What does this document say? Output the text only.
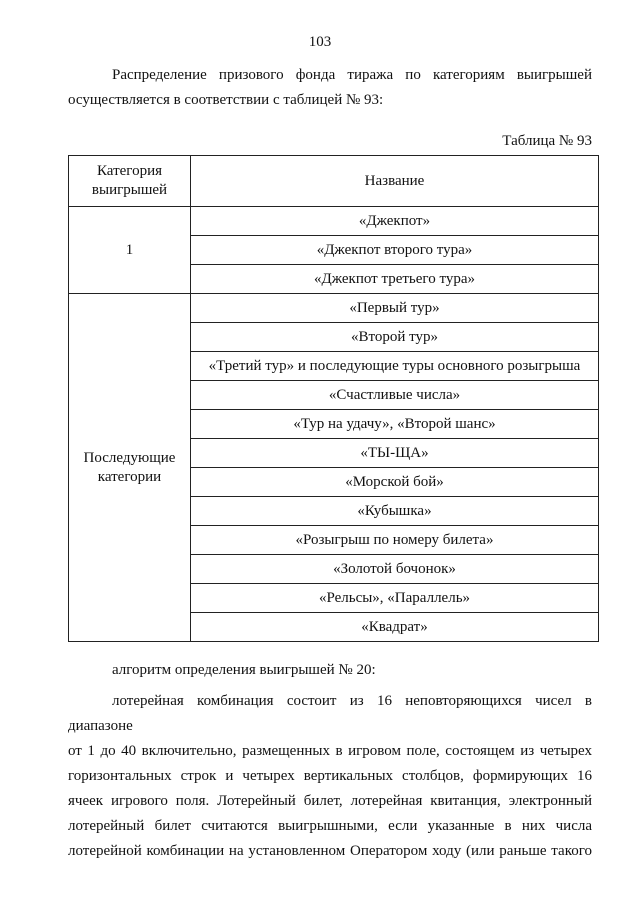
103
Распределение призового фонда тиража по категориям выигрышей
осуществляется в соответствии с таблицей № 93:
Таблица № 93
Категория выигрышей	Название
1	«Джекпот»
	«Джекпот второго тура»
	«Джекпот третьего тура»
Последующие категории	«Первый тур»
	«Второй тур»
	«Третий тур» и последующие туры основного розыгрыша
	«Счастливые числа»
	«Тур на удачу», «Второй шанс»
	«ТЫ-ЩА»
	«Морской бой»
	«Кубышка»
	«Розыгрыш по номеру билета»
	«Золотой бочонок»
	«Рельсы», «Параллель»
	«Квадрат»
алгоритм определения выигрышей № 20:
лотерейная комбинация состоит из 16 неповторяющихся чисел в диапазоне
от 1 до 40 включительно, размещенных в игровом поле, состоящем из четырех
горизонтальных строк и четырех вертикальных столбцов, формирующих 16
ячеек игрового поля. Лотерейный билет, лотерейная квитанция, электронный
лотерейный билет считаются выигрышными, если указанные в них числа
лотерейной комбинации на установленном Оператором ходу (или раньше такого
